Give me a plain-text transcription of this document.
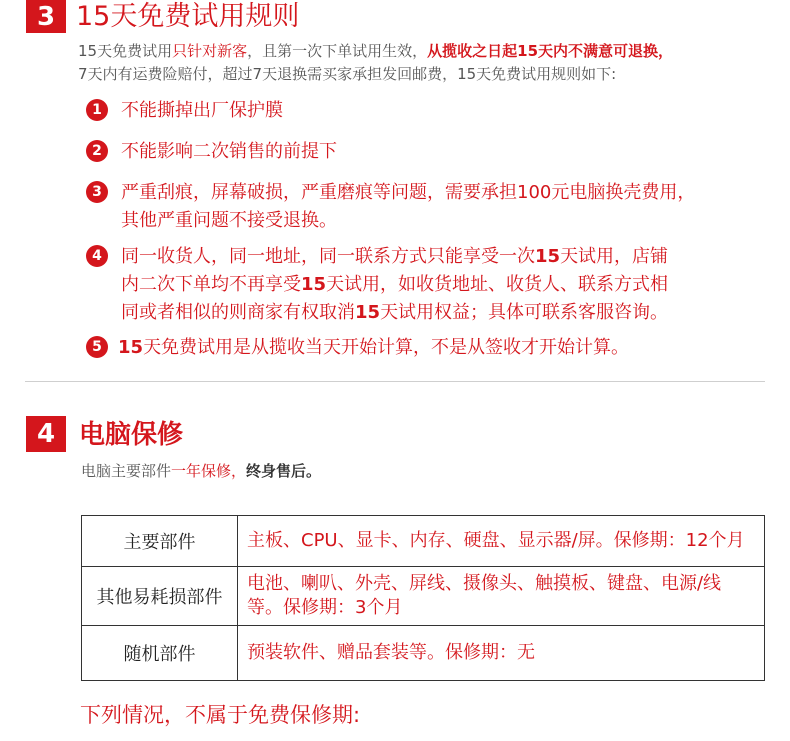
3 15天免费试用规则
15天免费试用只针对新客，且第一次下单试用生效，从揽收之日起15天内不满意可退换，
7天内有运费险赔付，超过7天退换需买家承担发回邮费，15天免费试用规则如下:
1	不能撕掉出厂保护膜
2	不能影响二次销售的前提下
3	严重刮痕，屏幕破损，严重磨痕等问题，需要承担100元电脑换壳费用，
其他严重问题不接受退换。
4	同一收货人，同一地址，同一联系方式只能享受一次15天试用，店铺
内二次下单均不再享受15天试用，如收货地址、收货人、联系方式相
同或者相似的则商家有权取消15天试用权益；具体可联系客服咨询。
5 15天免费试用是从揽收当天开始计算，不是从签收才开始计算。
4 电脑保修
电脑主要部件一年保修，终身售后。
主要部件	主板、CPU、显卡、内存、硬盘、显示器/屏。保修期：12个月
其他易耗损部件	电池、喇叭、外壳、屏线、摄像头、触摸板、键盘、电源/线
等。保修期：3个月

随机部件	预装软件、赠品套装等。保修期：无
下列情况，不属于免费保修期:
